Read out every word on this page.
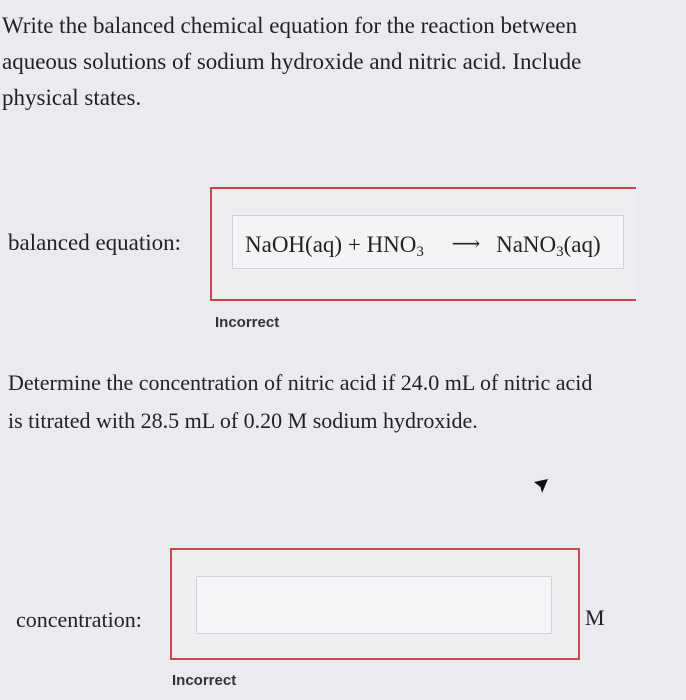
Write the balanced chemical equation for the reaction between aqueous solutions of sodium hydroxide and nitric acid. Include physical states.
balanced equation:	NaOH(aq) + $HNO_3$ ⟶ NaNO$_3$(aq)
Incorrect
Determine the concentration of nitric acid if 24.0 mL of nitric acid is titrated with 28.5 mL of 0.20 M sodium hydroxide.
concentration:	M
Incorrect
